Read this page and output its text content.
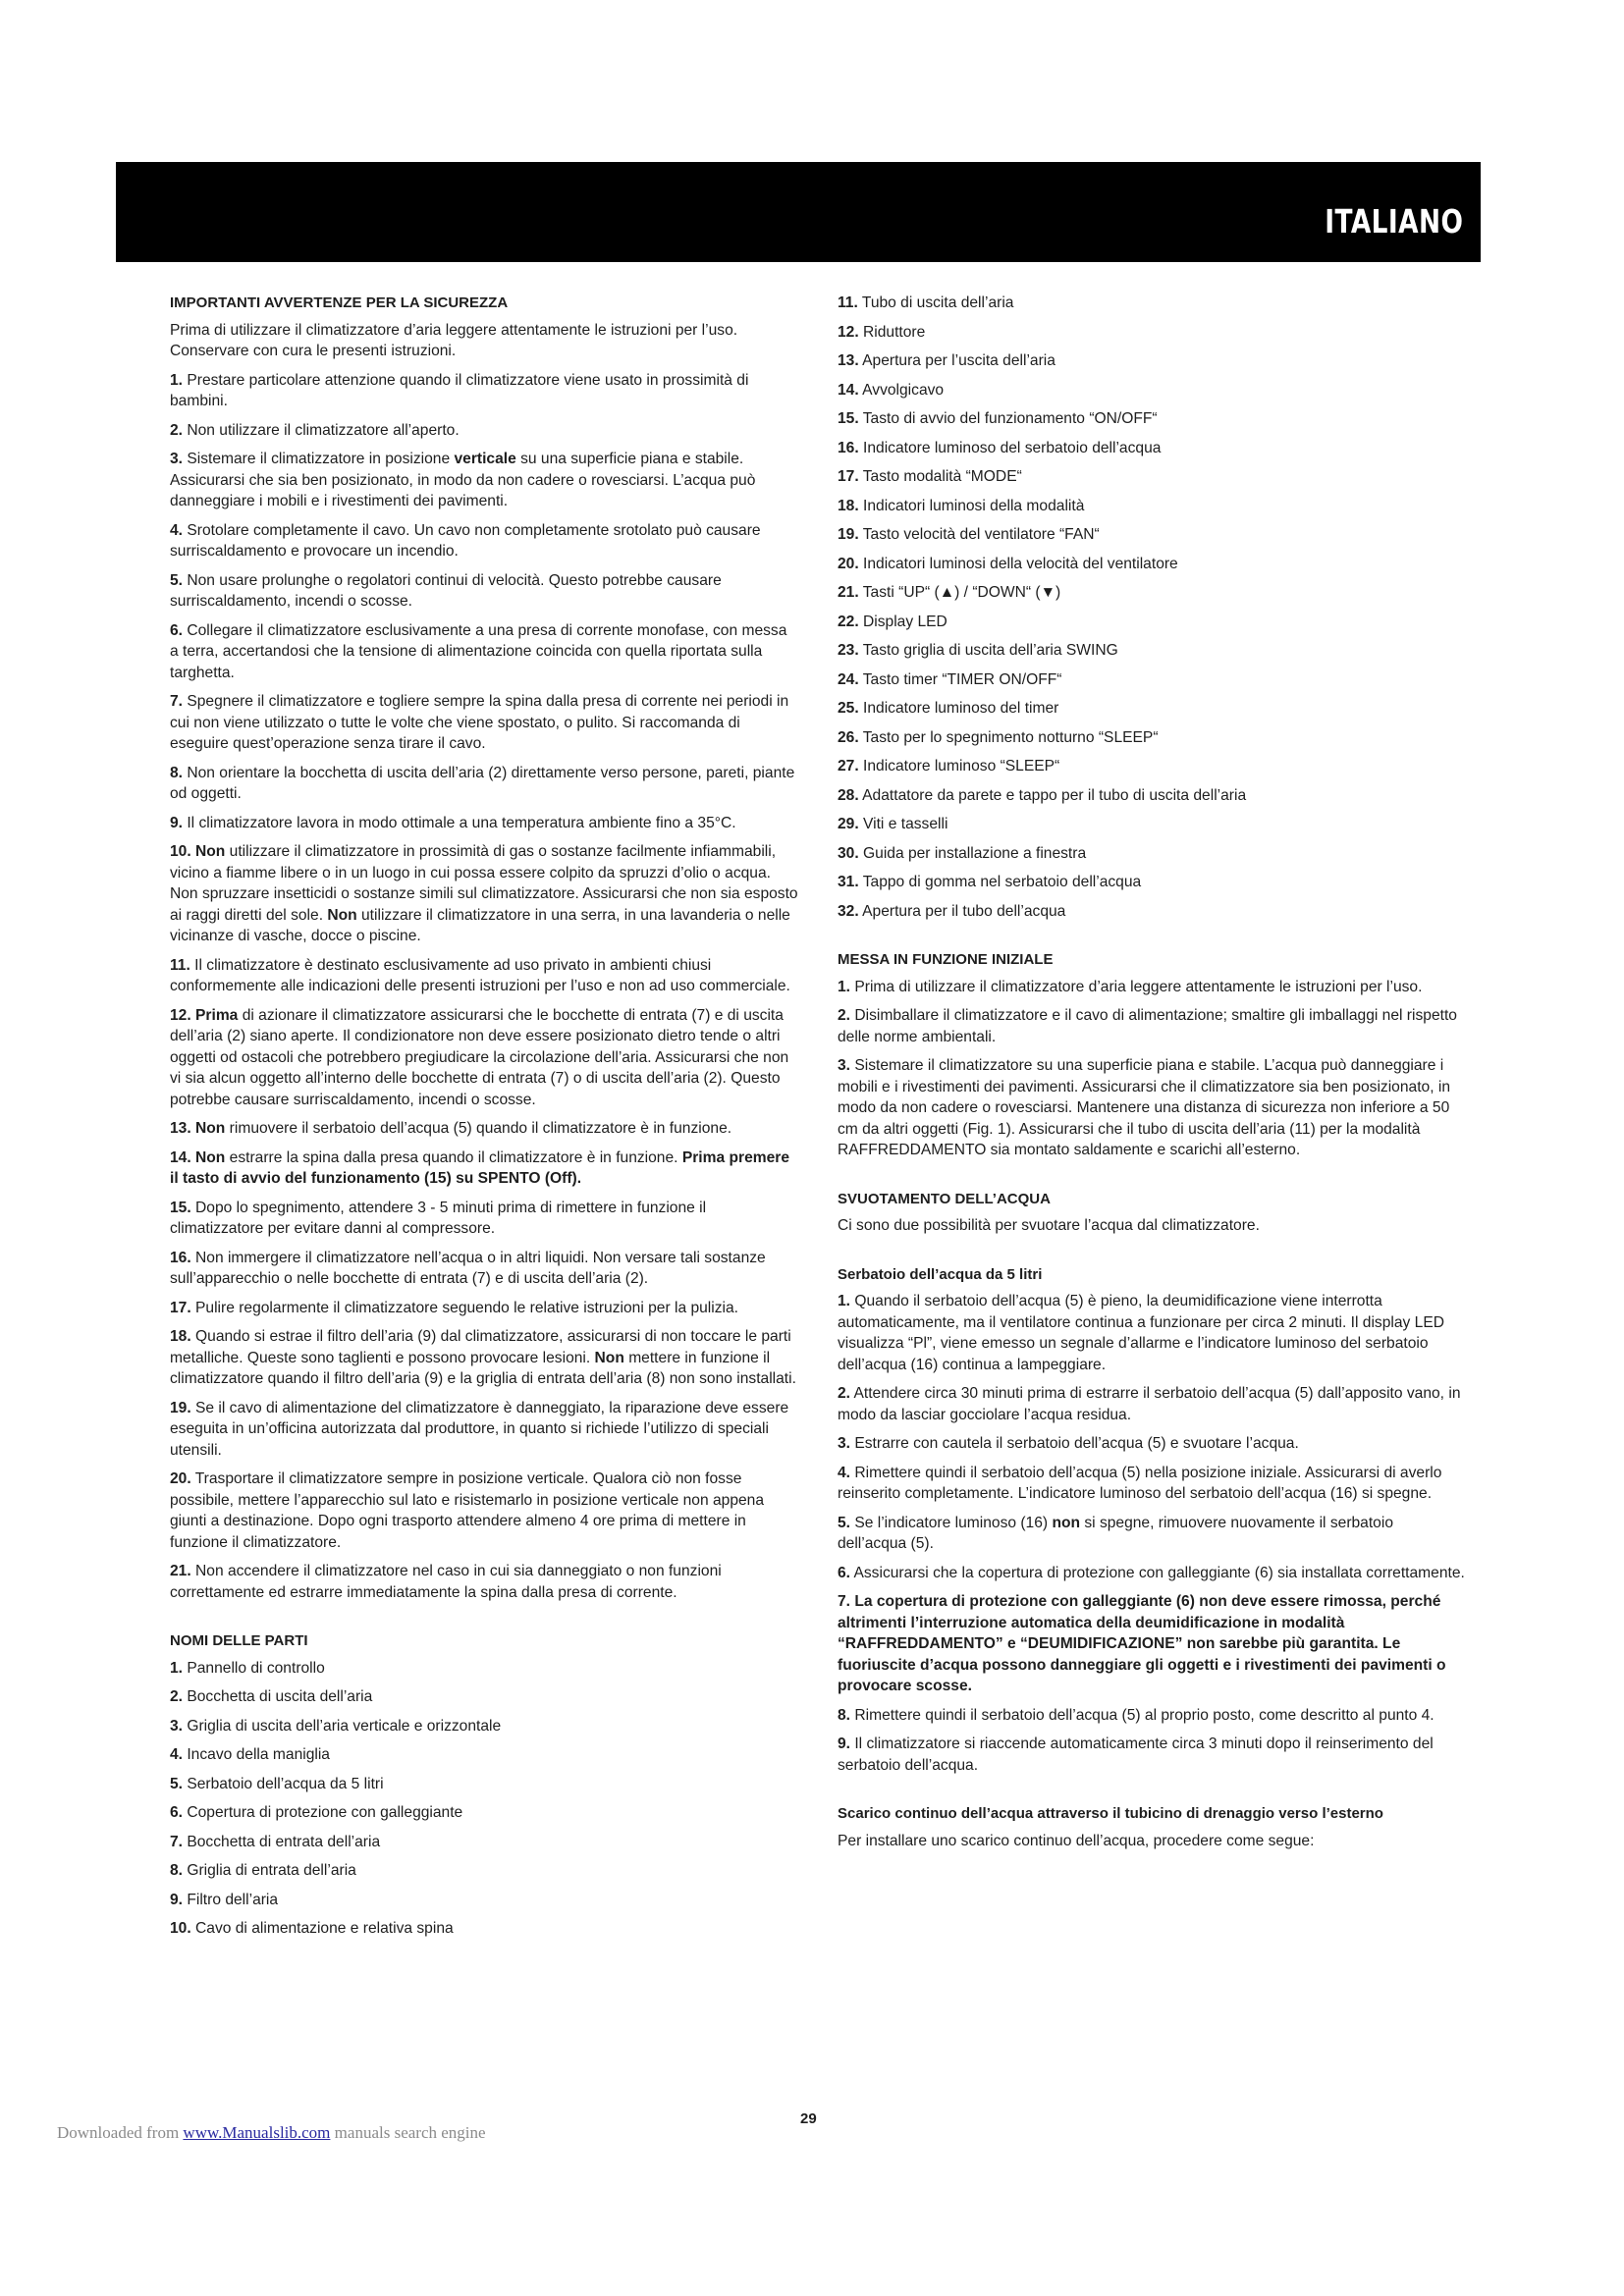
ITALIANO
IMPORTANTI AVVERTENZE PER LA SICUREZZA
Prima di utilizzare il climatizzatore d’aria leggere attentamente le istruzioni per l’uso. Conservare con cura le presenti istruzioni.
1. Prestare particolare attenzione quando il climatizzatore viene usato in prossimità di bambini.
2. Non utilizzare il climatizzatore all’aperto.
3. Sistemare il climatizzatore in posizione verticale su una superficie piana e stabile. Assicurarsi che sia ben posizionato, in modo da non cadere o rovesciarsi. L’acqua può danneggiare i mobili e i rivestimenti dei pavimenti.
4. Srotolare completamente il cavo. Un cavo non completamente srotolato può causare surriscaldamento e provocare un incendio.
5. Non usare prolunghe o regolatori continui di velocità. Questo potrebbe causare surriscaldamento, incendi o scosse.
6. Collegare il climatizzatore esclusivamente a una presa di corrente monofase, con messa a terra, accertandosi che la tensione di alimentazione coincida con quella riportata sulla targhetta.
7. Spegnere il climatizzatore e togliere sempre la spina dalla presa di corrente nei periodi in cui non viene utilizzato o tutte le volte che viene spostato, o pulito. Si raccomanda di eseguire quest’operazione senza tirare il cavo.
8. Non orientare la bocchetta di uscita dell’aria (2) direttamente verso persone, pareti, piante od oggetti.
9. Il climatizzatore lavora in modo ottimale a una temperatura ambiente fino a 35°C.
10. Non utilizzare il climatizzatore in prossimità di gas o sostanze facilmente infiammabili, vicino a fiamme libere o in un luogo in cui possa essere colpito da spruzzi d’olio o acqua. Non spruzzare insetticidi o sostanze simili sul climatizzatore. Assicurarsi che non sia esposto ai raggi diretti del sole. Non utilizzare il climatizzatore in una serra, in una lavanderia o nelle vicinanze di vasche, docce o piscine.
11. Il climatizzatore è destinato esclusivamente ad uso privato in ambienti chiusi conformemente alle indicazioni delle presenti istruzioni per l’uso e non ad uso commerciale.
12. Prima di azionare il climatizzatore assicurarsi che le bocchette di entrata (7) e di uscita dell’aria (2) siano aperte. Il condizionatore non deve essere posizionato dietro tende o altri oggetti od ostacoli che potrebbero pregiudicare la circolazione dell’aria. Assicurarsi che non vi sia alcun oggetto all’interno delle bocchette di entrata (7) o di uscita dell’aria (2). Questo potrebbe causare surriscaldamento, incendi o scosse.
13. Non rimuovere il serbatoio dell’acqua (5) quando il climatizzatore è in funzione.
14. Non estrarre la spina dalla presa quando il climatizzatore è in funzione. Prima premere il tasto di avvio del funzionamento (15) su SPENTO (Off).
15. Dopo lo spegnimento, attendere 3 - 5 minuti prima di rimettere in funzione il climatizzatore per evitare danni al compressore.
16. Non immergere il climatizzatore nell’acqua o in altri liquidi. Non versare tali sostanze sull’apparecchio o nelle bocchette di entrata (7) e di uscita dell’aria (2).
17. Pulire regolarmente il climatizzatore seguendo le relative istruzioni per la pulizia.
18. Quando si estrae il filtro dell’aria (9) dal climatizzatore, assicurarsi di non toccare le parti metalliche. Queste sono taglienti e possono provocare lesioni. Non mettere in funzione il climatizzatore quando il filtro dell’aria (9) e la griglia di entrata dell’aria (8) non sono installati.
19. Se il cavo di alimentazione del climatizzatore è danneggiato, la riparazione deve essere eseguita in un’officina autorizzata dal produttore, in quanto si richiede l’utilizzo di speciali utensili.
20. Trasportare il climatizzatore sempre in posizione verticale. Qualora ciò non fosse possibile, mettere l’apparecchio sul lato e risistemarlo in posizione verticale non appena giunti a destinazione. Dopo ogni trasporto attendere almeno 4 ore prima di mettere in funzione il climatizzatore.
21. Non accendere il climatizzatore nel caso in cui sia danneggiato o non funzioni correttamente ed estrarre immediatamente la spina dalla presa di corrente.
NOMI DELLE PARTI
1. Pannello di controllo
2. Bocchetta di uscita dell’aria
3. Griglia di uscita dell’aria verticale e orizzontale
4. Incavo della maniglia
5. Serbatoio dell’acqua da 5 litri
6. Copertura di protezione con galleggiante
7. Bocchetta di entrata dell’aria
8. Griglia di entrata dell’aria
9. Filtro dell’aria
10. Cavo di alimentazione e relativa spina
11. Tubo di uscita dell’aria
12. Riduttore
13. Apertura per l’uscita dell’aria
14. Avvolgicavo
15. Tasto di avvio del funzionamento “ON/OFF“
16. Indicatore luminoso del serbatoio dell’acqua
17. Tasto modalità “MODE“
18. Indicatori luminosi della modalità
19. Tasto velocità del ventilatore “FAN“
20. Indicatori luminosi della velocità del ventilatore
21. Tasti “UP“ (▲) / “DOWN“ (▼)
22. Display LED
23. Tasto griglia di uscita dell’aria SWING
24. Tasto timer “TIMER ON/OFF“
25. Indicatore luminoso del timer
26. Tasto per lo spegnimento notturno “SLEEP“
27. Indicatore luminoso “SLEEP“
28. Adattatore da parete e tappo per il tubo di uscita dell’aria
29. Viti e tasselli
30. Guida per installazione a finestra
31. Tappo di gomma nel serbatoio dell’acqua
32. Apertura per il tubo dell’acqua
MESSA IN FUNZIONE INIZIALE
1. Prima di utilizzare il climatizzatore d’aria leggere attentamente le istruzioni per l’uso.
2. Disimballare il climatizzatore e il cavo di alimentazione; smaltire gli imballaggi nel rispetto delle norme ambientali.
3. Sistemare il climatizzatore su una superficie piana e stabile. L’acqua può danneggiare i mobili e i rivestimenti dei pavimenti. Assicurarsi che il climatizzatore sia ben posizionato, in modo da non cadere o rovesciarsi. Mantenere una distanza di sicurezza non inferiore a 50 cm da altri oggetti (Fig. 1). Assicurarsi che il tubo di uscita dell’aria (11) per la modalità RAFFREDDAMENTO sia montato saldamente e scarichi all’esterno.
SVUOTAMENTO DELL’ACQUA
Ci sono due possibilità per svuotare l’acqua dal climatizzatore.
Serbatoio dell’acqua da 5 litri
1. Quando il serbatoio dell’acqua (5) è pieno, la deumidificazione viene interrotta automaticamente, ma il ventilatore continua a funzionare per circa 2 minuti. Il display LED visualizza “Pl”, viene emesso un segnale d’allarme e l’indicatore luminoso del serbatoio dell’acqua (16) continua a lampeggiare.
2. Attendere circa 30 minuti prima di estrarre il serbatoio dell’acqua (5) dall’apposito vano, in modo da lasciar gocciolare l’acqua residua.
3. Estrarre con cautela il serbatoio dell’acqua (5) e svuotare l’acqua.
4. Rimettere quindi il serbatoio dell’acqua (5) nella posizione iniziale. Assicurarsi di averlo reinserito completamente. L’indicatore luminoso del serbatoio dell’acqua (16) si spegne.
5. Se l’indicatore luminoso (16) non si spegne, rimuovere nuovamente il serbatoio dell’acqua (5).
6. Assicurarsi che la copertura di protezione con galleggiante (6) sia installata correttamente.
7. La copertura di protezione con galleggiante (6) non deve essere rimossa, perché altrimenti l’interruzione automatica della deumidificazione in modalità “RAFFREDDAMENTO” e “DEUMIDIFICAZIONE” non sarebbe più garantita. Le fuoriuscite d’acqua possono danneggiare gli oggetti e i rivestimenti dei pavimenti o provocare scosse.
8. Rimettere quindi il serbatoio dell’acqua (5) al proprio posto, come descritto al punto 4.
9. Il climatizzatore si riaccende automaticamente circa 3 minuti dopo il reinserimento del serbatoio dell’acqua.
Scarico continuo dell’acqua attraverso il tubicino di drenaggio verso l’esterno
Per installare uno scarico continuo dell’acqua, procedere come segue:
29
Downloaded from www.Manualslib.com manuals search engine
